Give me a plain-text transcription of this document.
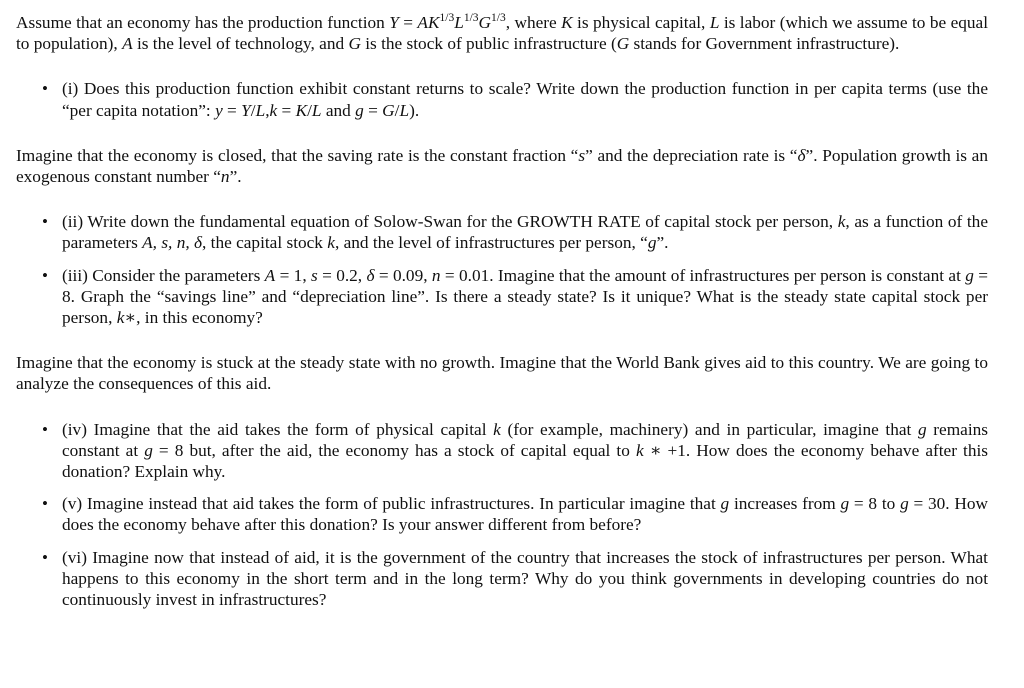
Assume that an economy has the production function $Y = AK^{1/3}L^{1/3}G^{1/3}$, where K is physical capital, L is labor (which we assume to be equal to population), A is the level of technology, and G is the stock of public infrastructure (G stands for Government infrastructure).

• (i) Does this production function exhibit constant returns to scale? Write down the production function in per capita terms (use the “per capita notation”: y = Y/L,k = K/L and g = G/L).

Imagine that the economy is closed, that the saving rate is the constant fraction “s” and the depreciation rate is “δ”. Population growth is an exogenous constant number “n”.

• (ii) Write down the fundamental equation of Solow-Swan for the GROWTH RATE of capital stock per person, k, as a function of the parameters A, s, n, δ, the capital stock k, and the level of infrastructures per person, “g”.
• (iii) Consider the parameters A = 1, s = 0.2, δ = 0.09, n = 0.01. Imagine that the amount of infrastructures per person is constant at g = 8. Graph the “savings line” and “depreciation line”. Is there a steady state? Is it unique? What is the steady state capital stock per person, k∗, in this economy?

Imagine that the economy is stuck at the steady state with no growth. Imagine that the World Bank gives aid to this country. We are going to analyze the consequences of this aid.

• (iv) Imagine that the aid takes the form of physical capital k (for example, machinery) and in particular, imagine that g remains constant at g = 8 but, after the aid, the economy has a stock of capital equal to k ∗ +1. How does the economy behave after this donation? Explain why.
• (v) Imagine instead that aid takes the form of public infrastructures. In particular imagine that g increases from g = 8 to g = 30. How does the economy behave after this donation? Is your answer different from before?
• (vi) Imagine now that instead of aid, it is the government of the country that increases the stock of infrastructures per person. What happens to this economy in the short term and in the long term? Why do you think governments in developing countries do not continuously invest in infrastructures?
